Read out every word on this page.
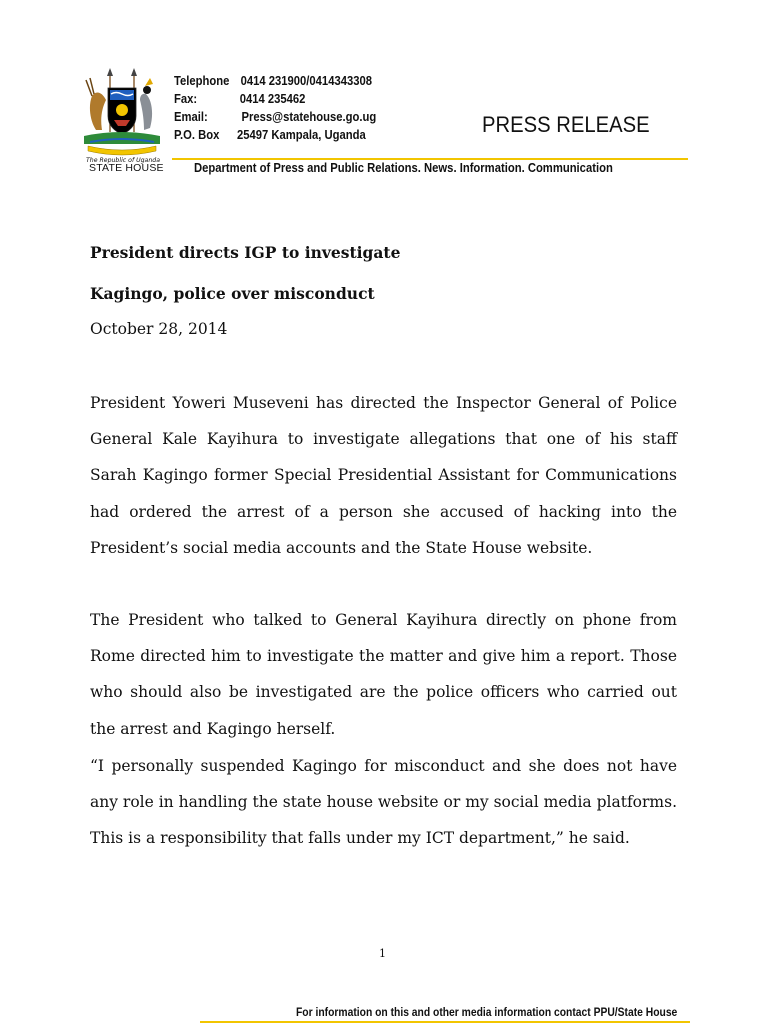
The Republic of Uganda
STATE HOUSE
Telephone 0414 231900/0414343308
Fax:	0414 235462
Email:	Press@statehouse.go.ug
P.O. Box 25497 Kampala, Uganda	PRESS RELEASE
Department of Press and Public Relations. News. Information. Communication
President directs IGP to investigate
Kagingo, police over misconduct
October 28, 2014

President Yoweri Museveni has directed the Inspector General of Police General Kale Kayihura to investigate allegations that one of his staff Sarah Kagingo former Special Presidential Assistant for Communications had ordered the arrest of a person she accused of hacking into the President’s social media accounts and the State House website.

The President who talked to General Kayihura directly on phone from Rome directed him to investigate the matter and give him a report. Those who should also be investigated are the police officers who carried out the arrest and Kagingo herself.

“I personally suspended Kagingo for misconduct and she does not have any role in handling the state house website or my social media platforms. This is a responsibility that falls under my ICT department,” he said.

1
For information on this and other media information contact PPU/State House
